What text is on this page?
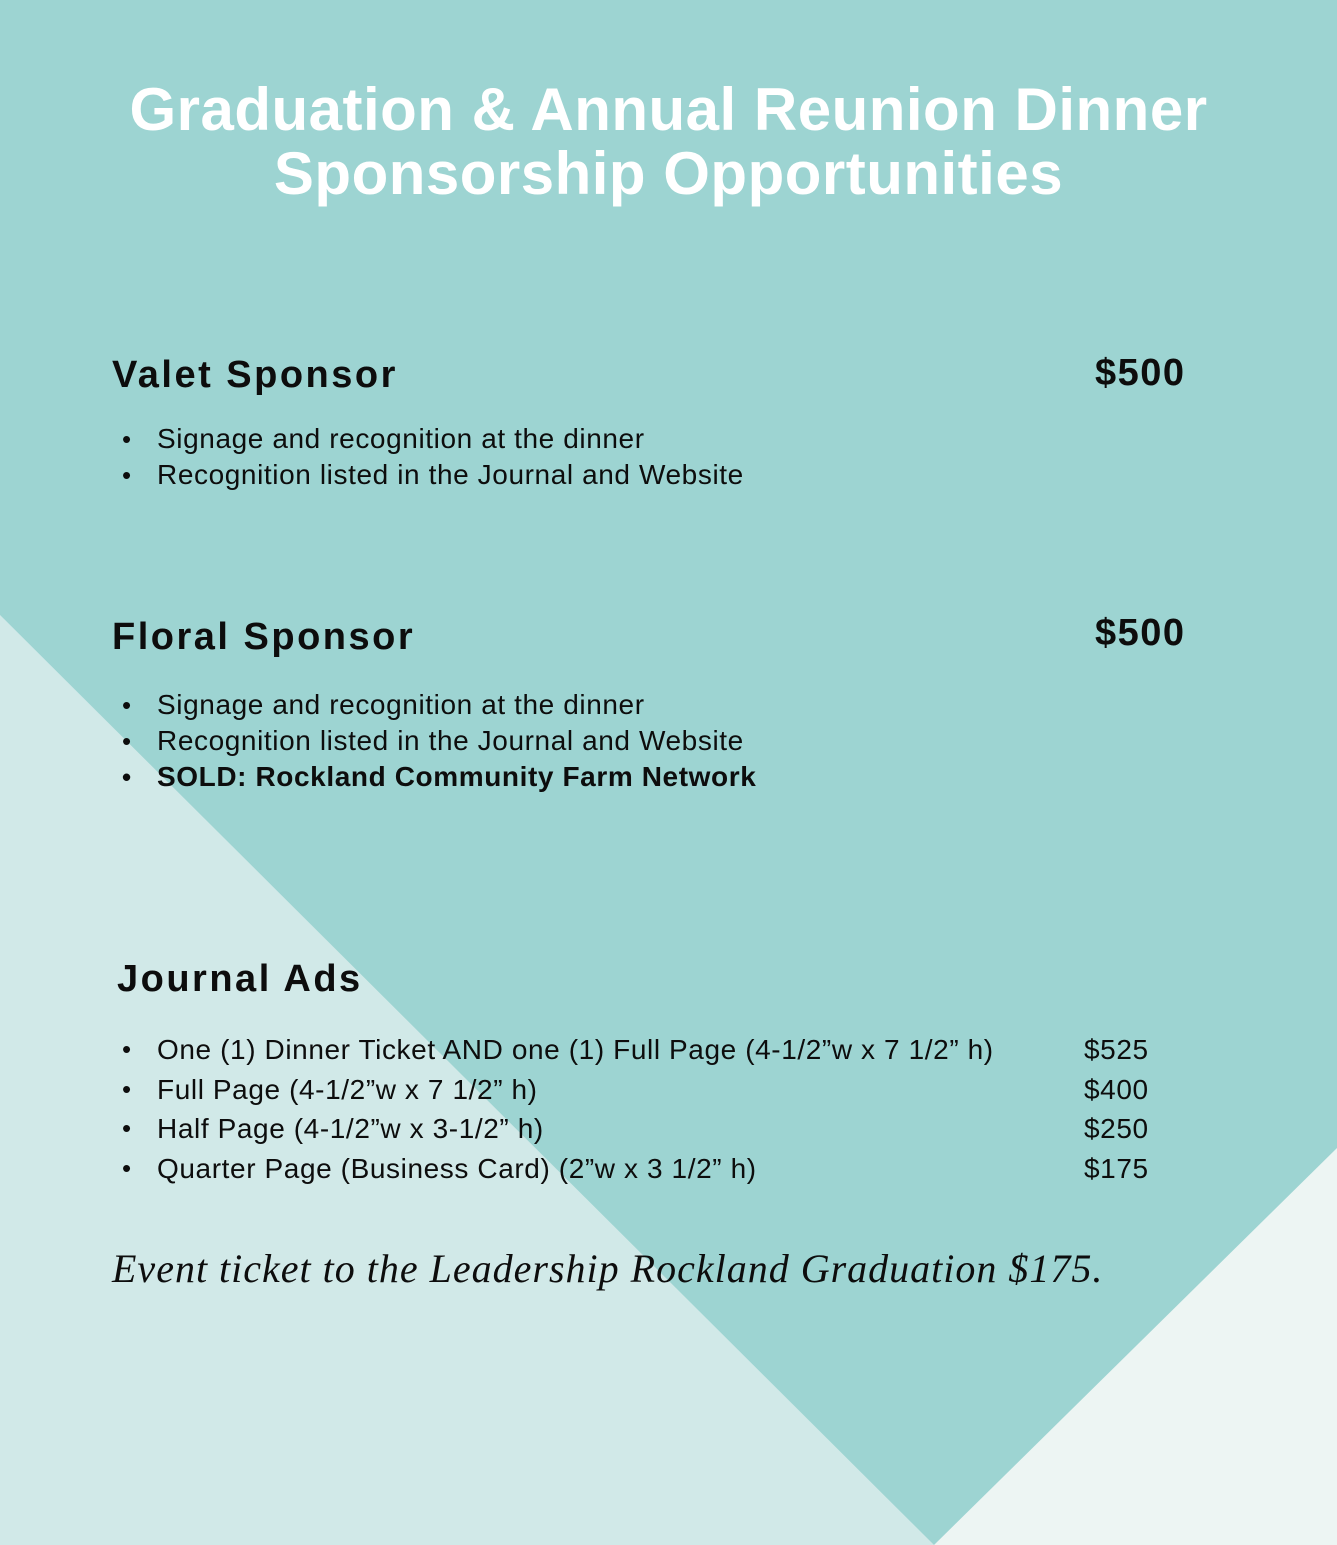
Graduation & Annual Reunion Dinner
Sponsorship Opportunities
Valet Sponsor	$500
• Signage and recognition at the dinner
• Recognition listed in the Journal and Website
Floral Sponsor	$500
• Signage and recognition at the dinner
• Recognition listed in the Journal and Website
• SOLD: Rockland Community Farm Network
Journal Ads
• One (1) Dinner Ticket AND one (1) Full Page (4-1/2”w x 7 1/2” h)	$525
• Full Page (4-1/2”w x 7 1/2” h)	$400
• Half Page (4-1/2”w x 3-1/2” h)	$250
• Quarter Page (Business Card) (2”w x 3 1/2” h)	$175

Event ticket to the Leadership Rockland Graduation $175.
